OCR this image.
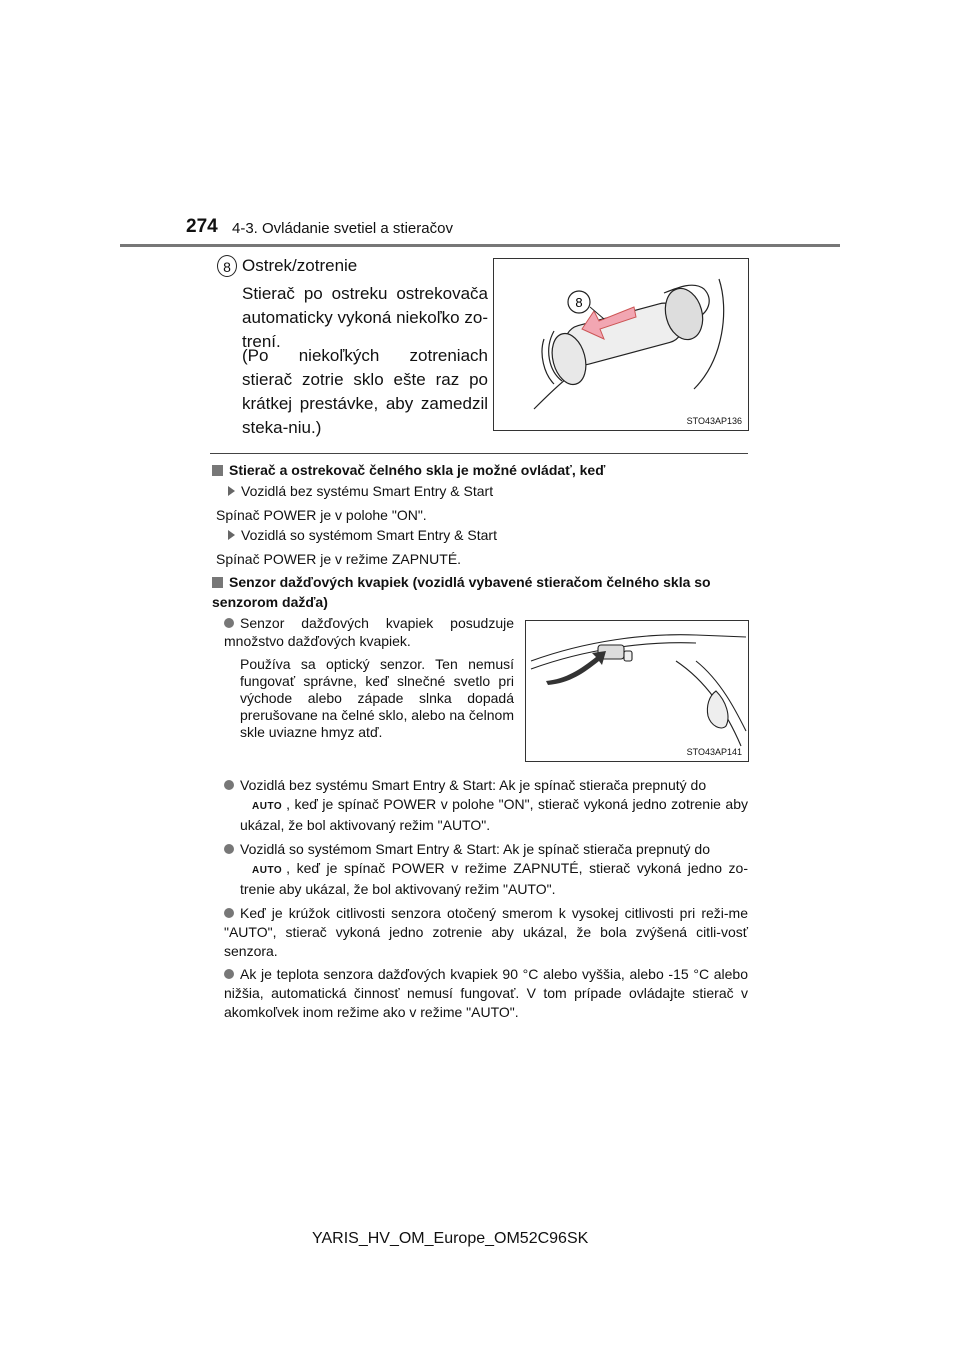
274 4-3. Ovládanie svetiel a stieračov
8 Ostrek/zotrenie
Stierač po ostreku ostrekovača automaticky vykoná niekoľko zo-trení.
(Po niekoľkých zotreniach stierač zotrie sklo ešte raz po krátkej prestávke, aby zamedzil steka-niu.)
8
STO43AP136
Stierač a ostrekovač čelného skla je možné ovládať, keď
Vozidlá bez systému Smart Entry & Start
Spínač POWER je v polohe "ON".
Vozidlá so systémom Smart Entry & Start
Spínač POWER je v režime ZAPNUTÉ.
Senzor dažďových kvapiek (vozidlá vybavené stieračom čelného skla so senzorom dažďa)
Senzor dažďových kvapiek posudzuje množstvo dažďových kvapiek.
Používa sa optický senzor. Ten nemusí fungovať správne, keď slnečné svetlo pri východe alebo západe slnka dopadá prerušovane na čelné sklo, alebo na čelnom skle uviazne hmyz atď.
STO43AP141
Vozidlá bez systému Smart Entry & Start: Ak je spínač stierača prepnutý do
AUTO , keď je spínač POWER v polohe "ON", stierač vykoná jedno zotrenie aby ukázal, že bol aktivovaný režim "AUTO".
Vozidlá so systémom Smart Entry & Start: Ak je spínač stierača prepnutý do
AUTO , keď je spínač POWER v režime ZAPNUTÉ, stierač vykoná jedno zo-trenie aby ukázal, že bol aktivovaný režim "AUTO".
Keď je krúžok citlivosti senzora otočený smerom k vysokej citlivosti pri reži-me "AUTO", stierač vykoná jedno zotrenie aby ukázal, že bola zvýšená citli-vosť senzora.
Ak je teplota senzora dažďových kvapiek 90 °C alebo vyššia, alebo -15 °C alebo nižšia, automatická činnosť nemusí fungovať. V tom prípade ovládajte stierač v akomkoľvek inom režime ako v režime "AUTO".
YARIS_HV_OM_Europe_OM52C96SK
